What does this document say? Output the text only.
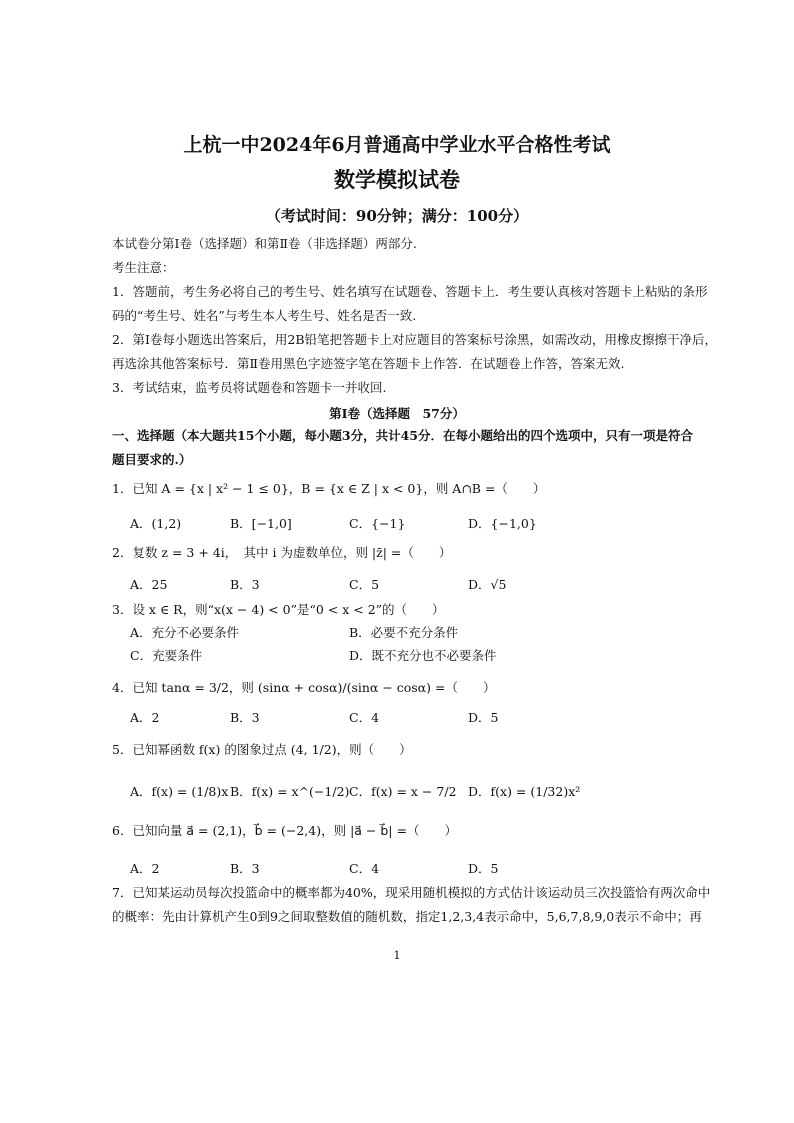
上杭一中2024年6月普通高中学业水平合格性考试
数学模拟试卷
（考试时间：90分钟；满分：100分）
本试卷分第Ⅰ卷（选择题）和第Ⅱ卷（非选择题）两部分.
考生注意：
1．答题前，考生务必将自己的考生号、姓名填写在试题卷、答题卡上．考生要认真核对答题卡上粘贴的条形
码的“考生号、姓名”与考生本人考生号、姓名是否一致.
2．第Ⅰ卷每小题选出答案后，用2B铅笔把答题卡上对应题目的答案标号涂黑，如需改动，用橡皮擦擦干净后，
再选涂其他答案标号．第Ⅱ卷用黑色字迹签字笔在答题卡上作答．在试题卷上作答，答案无效.
3．考试结束，监考员将试题卷和答题卡一并收回.
第Ⅰ卷（选择题　57分）
一、选择题（本大题共15个小题，每小题3分，共计45分．在每小题给出的四个选项中，只有一项是符合
题目要求的.）
1．已知 A = {x | x² − 1 ≤ 0}，B = {x ∈ Z | x < 0}，则 A∩B =（　　）
A．(1,2)	B．[−1,0]	C．{−1}	D．{−1,0}
2．复数 z = 3 + 4i，　其中 i 为虚数单位，则 |z̄| =（　　）
A．25	B．3	C．5	D．√5
3．设 x ∈ R，则“x(x − 4) < 0”是“0 < x < 2”的（　　）
A．充分不必要条件	B．必要不充分条件
C．充要条件	D．既不充分也不必要条件
4．已知 tanα = 3/2，则 (sinα + cosα)/(sinα − cosα) =（　　）
A．2	B．3	C．4	D．5
5．已知幂函数 f(x) 的图象过点 (4, 1/2)，则（　　）
A．f(x) = (1/8)x B．f(x) = x^(−1/2) C．f(x) = x − 7/2 D．f(x) = (1/32)x²
6．已知向量 a⃗ = (2,1)，b⃗ = (−2,4)，则 |a⃗ − b⃗| =（　　）
A．2	B．3	C．4	D．5
7．已知某运动员每次投篮命中的概率都为40%，现采用随机模拟的方式估计该运动员三次投篮恰有两次命中
的概率：先由计算机产生0到9之间取整数值的随机数，指定1,2,3,4表示命中，5,6,7,8,9,0表示不命中；再
1
